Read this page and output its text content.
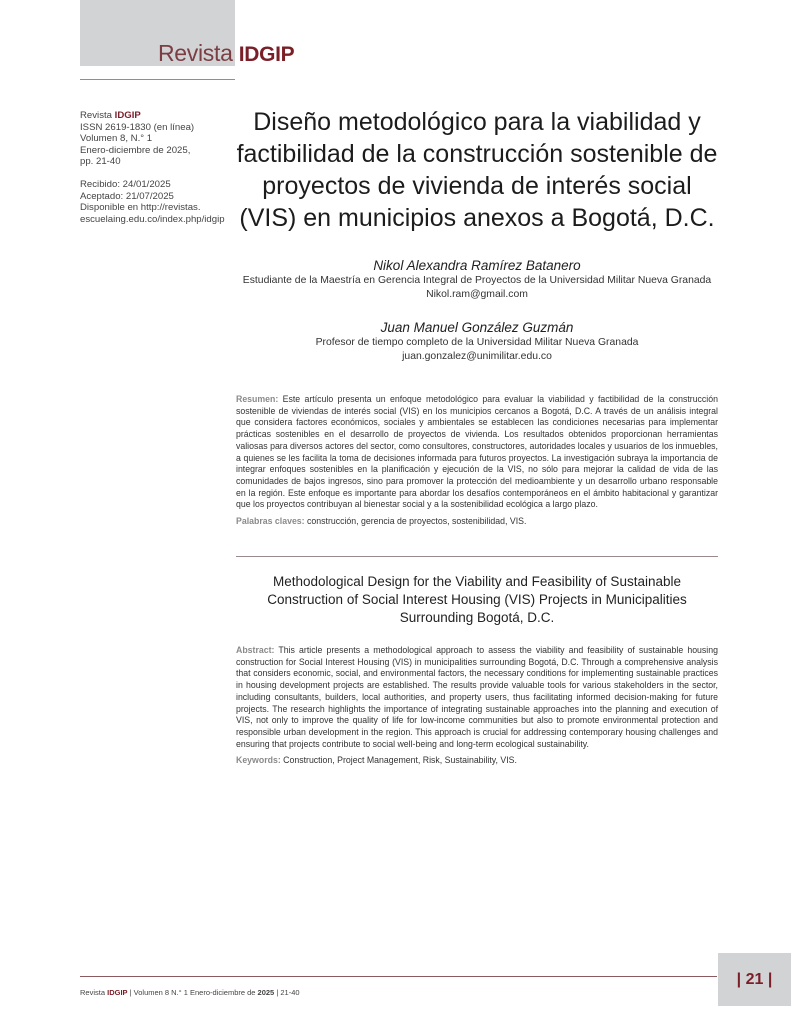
Revista IDGIP
Revista IDGIP
ISSN 2619-1830 (en línea)
Volumen 8, N.° 1
Enero-diciembre de 2025,
pp. 21-40
Recibido: 24/01/2025
Aceptado: 21/07/2025
Disponible en http://revistas.
escuelaing.edu.co/index.php/idgip
Diseño metodológico para la viabilidad y factibilidad de la construcción sostenible de proyectos de vivienda de interés social (VIS) en municipios anexos a Bogotá, D.C.
Nikol Alexandra Ramírez Batanero
Estudiante de la Maestría en Gerencia Integral de Proyectos de la Universidad Militar Nueva Granada
Nikol.ram@gmail.com
Juan Manuel González Guzmán
Profesor de tiempo completo de la Universidad Militar Nueva Granada
juan.gonzalez@unimilitar.edu.co
Resumen: Este artículo presenta un enfoque metodológico para evaluar la viabilidad y factibilidad de la construcción sostenible de viviendas de interés social (VIS) en los municipios cercanos a Bogotá, D.C. A través de un análisis integral que considera factores económicos, sociales y ambientales se establecen las condiciones necesarias para implementar prácticas sostenibles en el desarrollo de proyectos de vivienda. Los resultados obtenidos proporcionan herramientas valiosas para diversos actores del sector, como consultores, constructores, autoridades locales y usuarios de los inmuebles, a quienes se les facilita la toma de decisiones informada para futuros proyectos. La investigación subraya la importancia de integrar enfoques sostenibles en la planificación y ejecución de la VIS, no sólo para mejorar la calidad de vida de las comunidades de bajos ingresos, sino para promover la protección del medioambiente y un desarrollo urbano responsable en la región. Este enfoque es importante para abordar los desafíos contemporáneos en el ámbito habitacional y garantizar que los proyectos contribuyan al bienestar social y a la sostenibilidad ecológica a largo plazo.
Palabras claves: construcción, gerencia de proyectos, sostenibilidad, VIS.
Methodological Design for the Viability and Feasibility of Sustainable Construction of Social Interest Housing (VIS) Projects in Municipalities Surrounding Bogotá, D.C.
Abstract: This article presents a methodological approach to assess the viability and feasibility of sustainable housing construction for Social Interest Housing (VIS) in municipalities surrounding Bogotá, D.C. Through a comprehensive analysis that considers economic, social, and environmental factors, the necessary conditions for implementing sustainable practices in housing development projects are established. The results provide valuable tools for various stakeholders in the sector, including consultants, builders, local authorities, and property users, thus facilitating informed decision-making for future projects. The research highlights the importance of integrating sustainable approaches into the planning and execution of VIS, not only to improve the quality of life for low-income communities but also to promote environmental protection and responsible urban development in the region. This approach is crucial for addressing contemporary housing challenges and ensuring that projects contribute to social well-being and long-term ecological sustainability.
Keywords: Construction, Project Management, Risk, Sustainability, VIS.
Revista IDGIP | Volumen 8 N.° 1 Enero-diciembre de 2025 | 21-40
| 21 |
